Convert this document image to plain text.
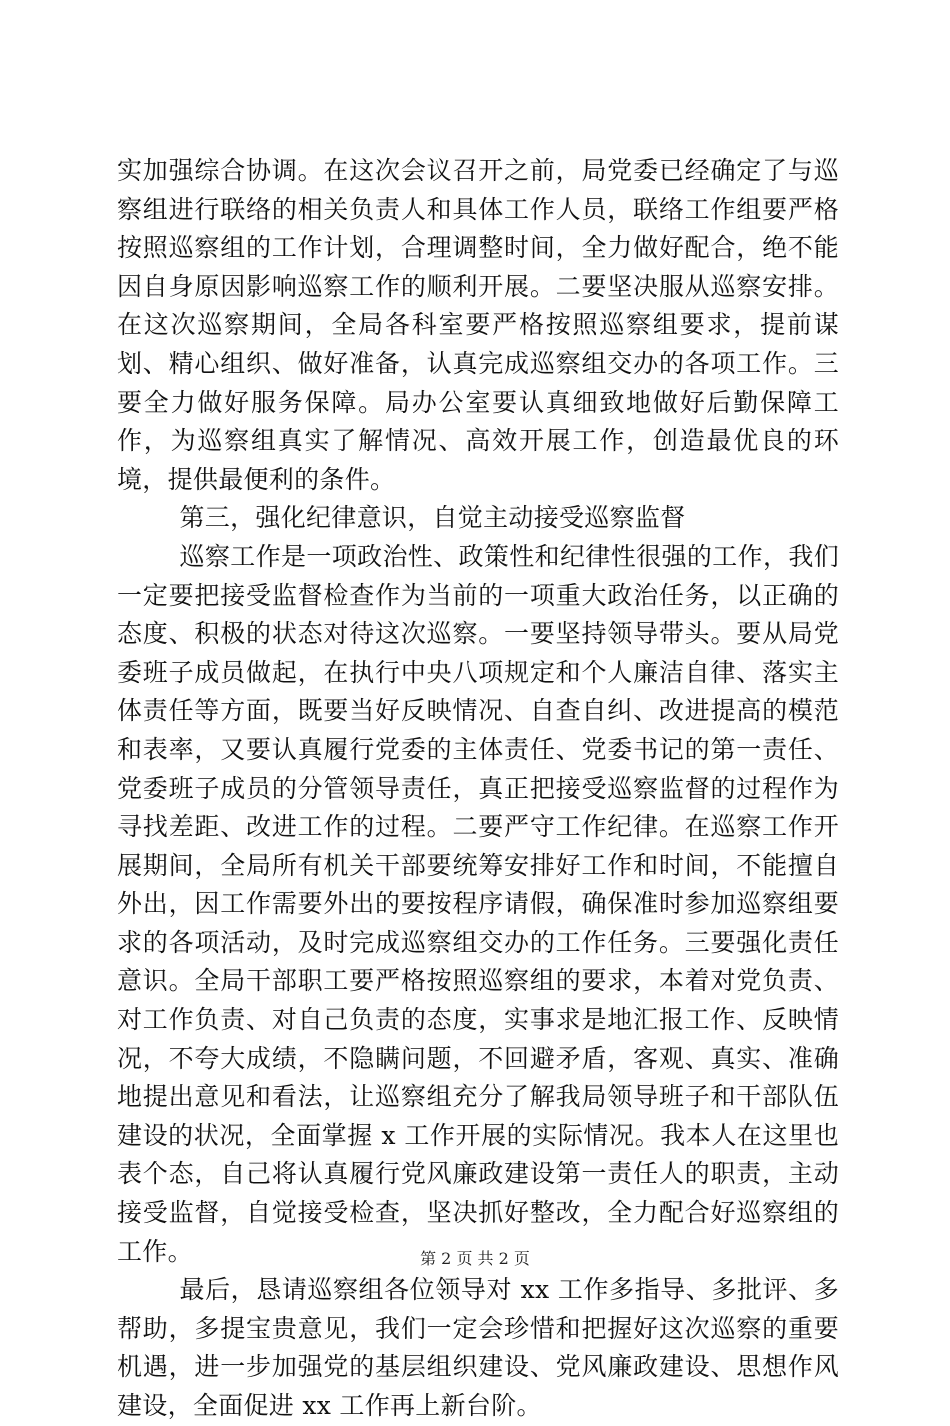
实加强综合协调。在这次会议召开之前，局党委已经确定了与巡察组进行联络的相关负责人和具体工作人员，联络工作组要严格按照巡察组的工作计划，合理调整时间，全力做好配合，绝不能因自身原因影响巡察工作的顺利开展。二要坚决服从巡察安排。在这次巡察期间，全局各科室要严格按照巡察组要求，提前谋划、精心组织、做好准备，认真完成巡察组交办的各项工作。三要全力做好服务保障。局办公室要认真细致地做好后勤保障工作，为巡察组真实了解情况、高效开展工作，创造最优良的环境，提供最便利的条件。

第三，强化纪律意识，自觉主动接受巡察监督

巡察工作是一项政治性、政策性和纪律性很强的工作，我们一定要把接受监督检查作为当前的一项重大政治任务，以正确的态度、积极的状态对待这次巡察。一要坚持领导带头。要从局党委班子成员做起，在执行中央八项规定和个人廉洁自律、落实主体责任等方面，既要当好反映情况、自查自纠、改进提高的模范和表率，又要认真履行党委的主体责任、党委书记的第一责任、党委班子成员的分管领导责任，真正把接受巡察监督的过程作为寻找差距、改进工作的过程。二要严守工作纪律。在巡察工作开展期间，全局所有机关干部要统筹安排好工作和时间，不能擅自外出，因工作需要外出的要按程序请假，确保准时参加巡察组要求的各项活动，及时完成巡察组交办的工作任务。三要强化责任意识。全局干部职工要严格按照巡察组的要求，本着对党负责、对工作负责、对自己负责的态度，实事求是地汇报工作、反映情况，不夸大成绩，不隐瞒问题，不回避矛盾，客观、真实、准确地提出意见和看法，让巡察组充分了解我局领导班子和干部队伍建设的状况，全面掌握 x 工作开展的实际情况。我本人在这里也表个态，自己将认真履行党风廉政建设第一责任人的职责，主动接受监督，自觉接受检查，坚决抓好整改，全力配合好巡察组的工作。

最后，恳请巡察组各位领导对 xx 工作多指导、多批评、多帮助，多提宝贵意见，我们一定会珍惜和把握好这次巡察的重要机遇，进一步加强党的基层组织建设、党风廉政建设、思想作风建设，全面促进 xx 工作再上新台阶。

第 2 页 共 2 页
